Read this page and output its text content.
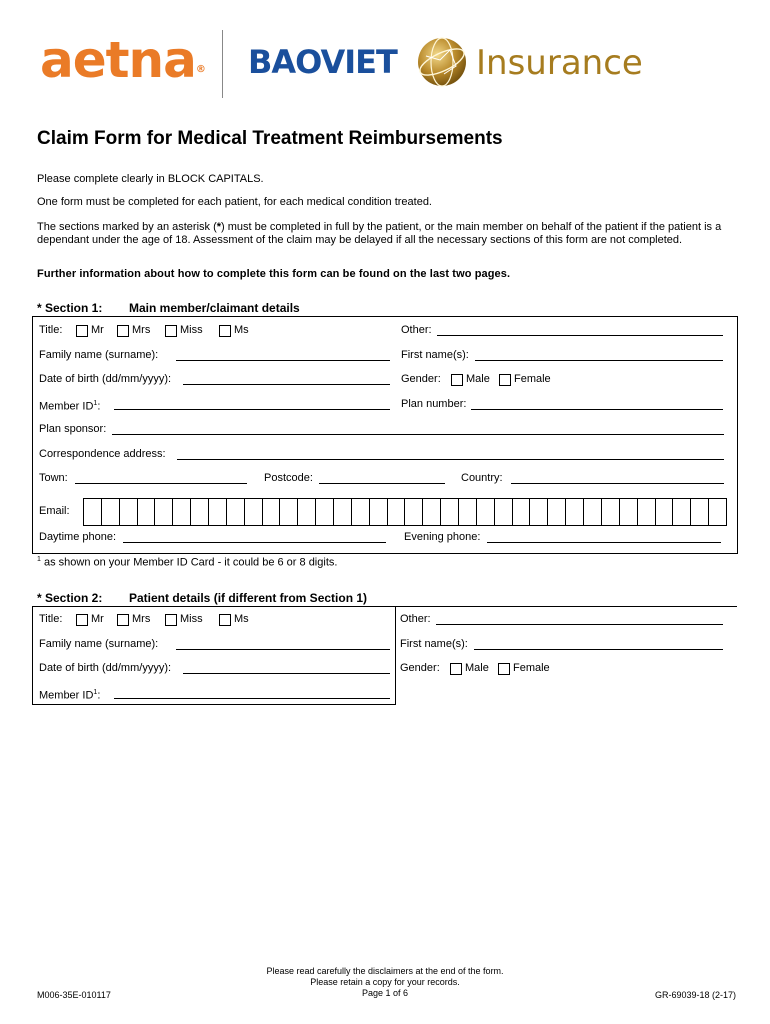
aetna® BAOVIET Insurance
Claim Form for Medical Treatment Reimbursements
Please complete clearly in BLOCK CAPITALS.
One form must be completed for each patient, for each medical condition treated.
The sections marked by an asterisk (*) must be completed in full by the patient, or the main member on behalf of the patient if the patient is a dependant under the age of 18. Assessment of the claim may be delayed if all the necessary sections of this form are not completed.
Further information about how to complete this form can be found on the last two pages.
* Section 1: Main member/claimant details
Title:	Mr	Mrs	Miss	Ms	Other:
Family name (surname):	First name(s):
Date of birth (dd/mm/yyyy):	Gender: Male Female
Member $ID^1$:	Plan number:
Plan sponsor:
Correspondence address:
Town:	Postcode:	Country:
Email:
Daytime phone:	Evening phone:
$^1$ as shown on your Member ID Card - it could be 6 or 8 digits.
* Section 2: Patient details (if different from Section 1)
Title:	Mr	Mrs	Miss	Ms	Other:
Family name (surname):	First name(s):
Date of birth (dd/mm/yyyy):	Gender: Male Female
Member $ID^1$:
M006-35E-010117
Please read carefully the disclaimers at the end of the form.
Please retain a copy for your records.
Page 1 of 6	GR-69039-18 (2-17)
